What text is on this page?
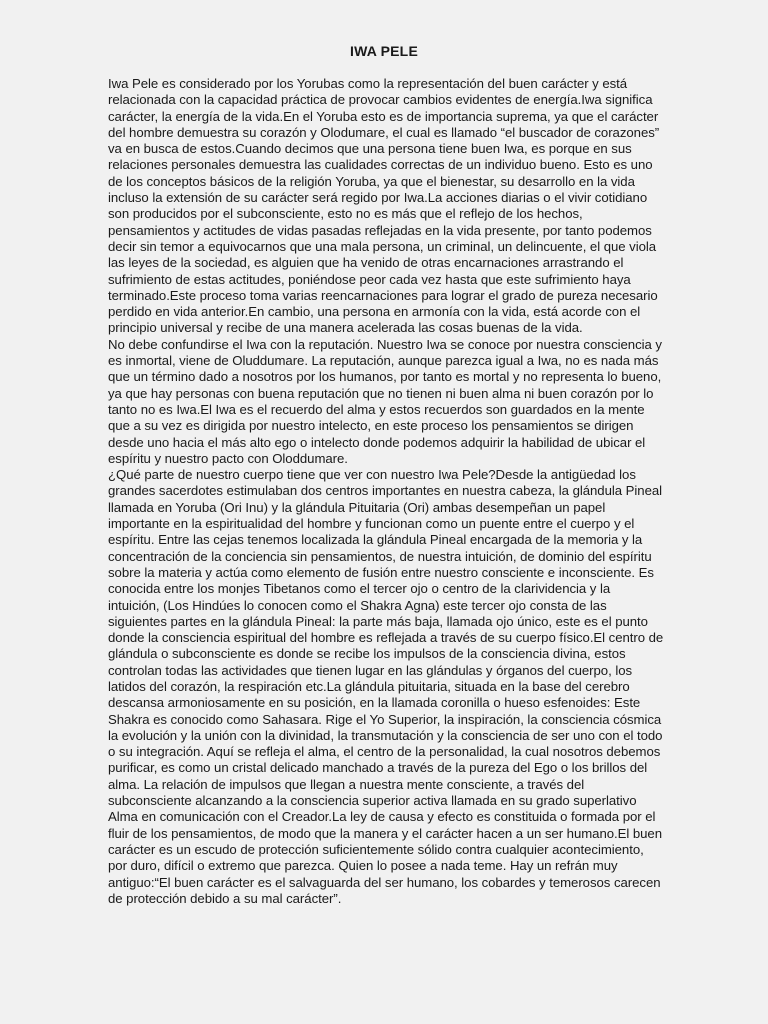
IWA PELE

Iwa Pele es considerado por los Yorubas como la representación del buen carácter y está relacionada con la capacidad práctica de provocar cambios evidentes de energía.Iwa significa carácter, la energía de la vida.En el Yoruba esto es de importancia suprema, ya que el carácter del hombre demuestra su corazón y Olodumare, el cual es llamado “el buscador de corazones” va en busca de estos.Cuando decimos que una persona tiene buen Iwa, es porque en sus relaciones personales demuestra las cualidades correctas de un individuo bueno. Esto es uno de los conceptos básicos de la religión Yoruba, ya que el bienestar, su desarrollo en la vida incluso la extensión de su carácter será regido por Iwa.La acciones diarias o el vivir cotidiano son producidos por el subconsciente, esto no es más que el reflejo de los hechos, pensamientos y actitudes de vidas pasadas reflejadas en la vida presente, por tanto podemos decir sin temor a equivocarnos que una mala persona, un criminal, un delincuente, el que viola las leyes de la sociedad, es alguien que ha venido de otras encarnaciones arrastrando el sufrimiento de estas actitudes, poniéndose peor cada vez hasta que este sufrimiento haya terminado.Este proceso toma varias reencarnaciones para lograr el grado de pureza necesario perdido en vida anterior.En cambio, una persona en armonía con la vida, está acorde con el principio universal y recibe de una manera acelerada las cosas buenas de la vida.

No debe confundirse el Iwa con la reputación. Nuestro Iwa se conoce por nuestra consciencia y es inmortal, viene de Oluddumare. La reputación, aunque parezca igual a Iwa, no es nada más que un término dado a nosotros por los humanos, por tanto es mortal y no representa lo bueno, ya que hay personas con buena reputación que no tienen ni buen alma ni buen corazón por lo tanto no es Iwa.El Iwa es el recuerdo del alma y estos recuerdos son guardados en la mente que a su vez es dirigida por nuestro intelecto, en este proceso los pensamientos se dirigen desde uno hacia el más alto ego o intelecto donde podemos adquirir la habilidad de ubicar el espíritu y nuestro pacto con Oloddumare.

¿Qué parte de nuestro cuerpo tiene que ver con nuestro Iwa Pele?Desde la antigüedad los grandes sacerdotes estimulaban dos centros importantes en nuestra cabeza, la glándula Pineal llamada en Yoruba (Ori Inu) y la glándula Pituitaria (Ori) ambas desempeñan un papel importante en la espiritualidad del hombre y funcionan como un puente entre el cuerpo y el espíritu. Entre las cejas tenemos localizada la glándula Pineal encargada de la memoria y la concentración de la conciencia sin pensamientos, de nuestra intuición, de dominio del espíritu sobre la materia y actúa como elemento de fusión entre nuestro consciente e inconsciente. Es conocida entre los monjes Tibetanos como el tercer ojo o centro de la clarividencia y la intuición, (Los Hindúes lo conocen como el Shakra Agna) este tercer ojo consta de las siguientes partes en la glándula Pineal: la parte más baja, llamada ojo único, este es el punto donde la consciencia espiritual del hombre es reflejada a través de su cuerpo físico.El centro de glándula o subconsciente es donde se recibe los impulsos de la consciencia divina, estos controlan todas las actividades que tienen lugar en las glándulas y órganos del cuerpo, los latidos del corazón, la respiración etc.La glándula pituitaria, situada en la base del cerebro descansa armoniosamente en su posición, en la llamada coronilla o hueso esfenoides: Este Shakra es conocido como Sahasara. Rige el Yo Superior, la inspiración, la consciencia cósmica la evolución y la unión con la divinidad, la transmutación y la consciencia de ser uno con el todo o su integración. Aquí se refleja el alma, el centro de la personalidad, la cual nosotros debemos purificar, es como un cristal delicado manchado a través de la pureza del Ego o los brillos del alma. La relación de impulsos que llegan a nuestra mente consciente, a través del subconsciente alcanzando a la consciencia superior activa llamada en su grado superlativo Alma en comunicación con el Creador.La ley de causa y efecto es constituida o formada por el fluir de los pensamientos, de modo que la manera y el carácter hacen a un ser humano.El buen carácter es un escudo de protección suficientemente sólido contra cualquier acontecimiento, por duro, difícil o extremo que parezca. Quien lo posee a nada teme. Hay un refrán muy antiguo:“El buen carácter es el salvaguarda del ser humano, los cobardes y temerosos carecen de protección debido a su mal carácter”.
